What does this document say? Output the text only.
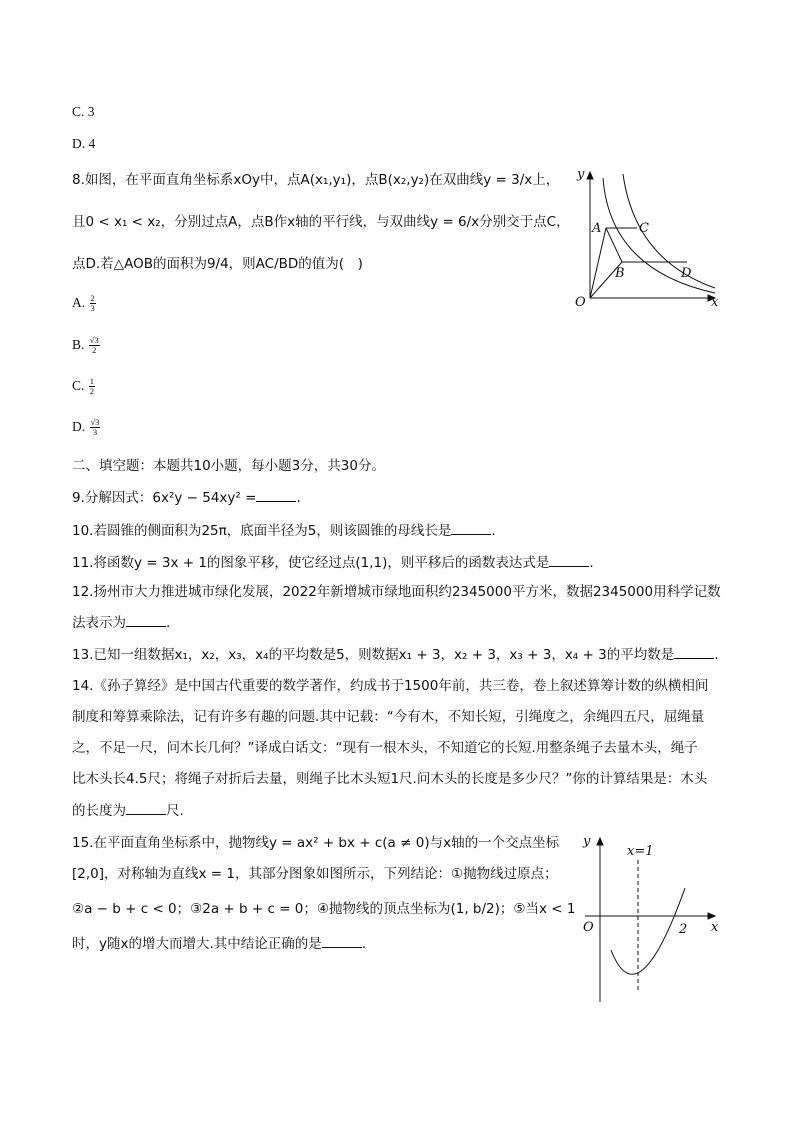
C. 3
D. 4
8.如图，在平面直角坐标系xOy中，点A(x₁,y₁)，点B(x₂,y₂)在双曲线y = 3/x上，
且0 < x₁ < x₂，分别过点A，点B作x轴的平行线，与双曲线y = 6/x分别交于点C，
点D.若△AOB的面积为9/4，则AC/BD的值为(　)
A. $\frac{2}{3}$
B. $\frac{√3}{2}$
C. $\frac{1}{2}$
D. $\frac{√3}{3}$
y
A	C
B	D
O	x
二、填空题：本题共10小题，每小题3分，共30分。
9.分解因式：6x²y − 54xy² =	.
10.若圆锥的侧面积为25π，底面半径为5，则该圆锥的母线长是	.
11.将函数y = 3x + 1的图象平移，使它经过点(1,1)，则平移后的函数表达式是	.
12.扬州市大力推进城市绿化发展，2022年新增城市绿地面积约2345000平方米，数据2345000用科学记数
法表示为	.
13.已知一组数据x₁，x₂，x₃，x₄的平均数是5，则数据x₁ + 3，x₂ + 3，x₃ + 3，x₄ + 3的平均数是	.
14.《孙子算经》是中国古代重要的数学著作，约成书于1500年前，共三卷，卷上叙述算筹计数的纵横相间
制度和筹算乘除法，记有许多有趣的问题.其中记载：“今有木，不知长短，引绳度之，余绳四五尺，屈绳量
之，不足一尺，问木长几何？”译成白话文：“现有一根木头，不知道它的长短.用整条绳子去量木头，绳子
比木头长4.5尺；将绳子对折后去量，则绳子比木头短1尺.问木头的长度是多少尺？”你的计算结果是：木头
的长度为	尺.
15.在平面直角坐标系中，抛物线y = ax² + bx + c(a ≠ 0)与x轴的一个交点坐标
[2,0]，对称轴为直线x = 1，其部分图象如图所示，下列结论：①抛物线过原点；
②a − b + c < 0；③2a + b + c = 0；④抛物线的顶点坐标为(1, b/2)；⑤当x < 1
时，y随x的增大而增大.其中结论正确的是	.
y
x=1
O	2 x
